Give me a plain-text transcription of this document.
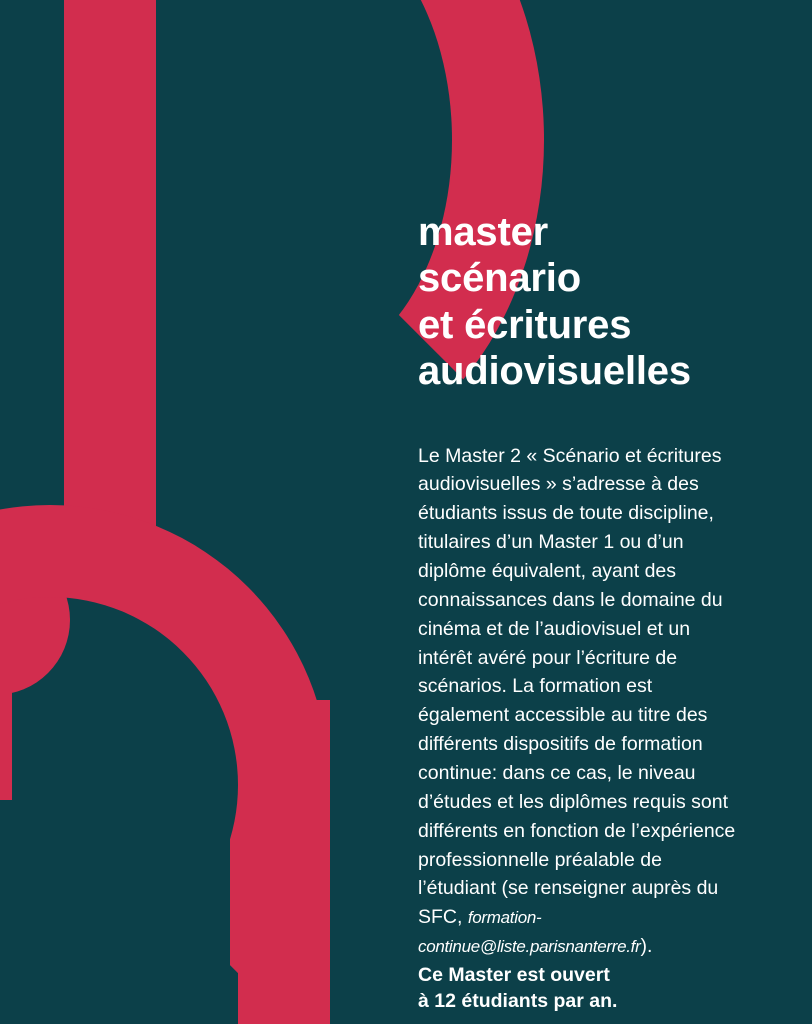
master
scénario
et écritures
audiovisuelles

Le Master 2 « Scénario et écritures audiovisuelles » s’adresse à des étudiants issus de toute discipline, titulaires d’un Master 1 ou d’un diplôme équivalent, ayant des connaissances dans le domaine du cinéma et de l’audiovisuel et un intérêt avéré pour l’écriture de scénarios. La formation est également accessible au titre des différents dispositifs de formation continue: dans ce cas, le niveau d’études et les diplômes requis sont différents en fonction de l’expérience professionnelle préalable de l’étudiant (se renseigner auprès du SFC, formation-continue@liste.parisnanterre.fr).

Ce Master est ouvert
à 12 étudiants par an.
